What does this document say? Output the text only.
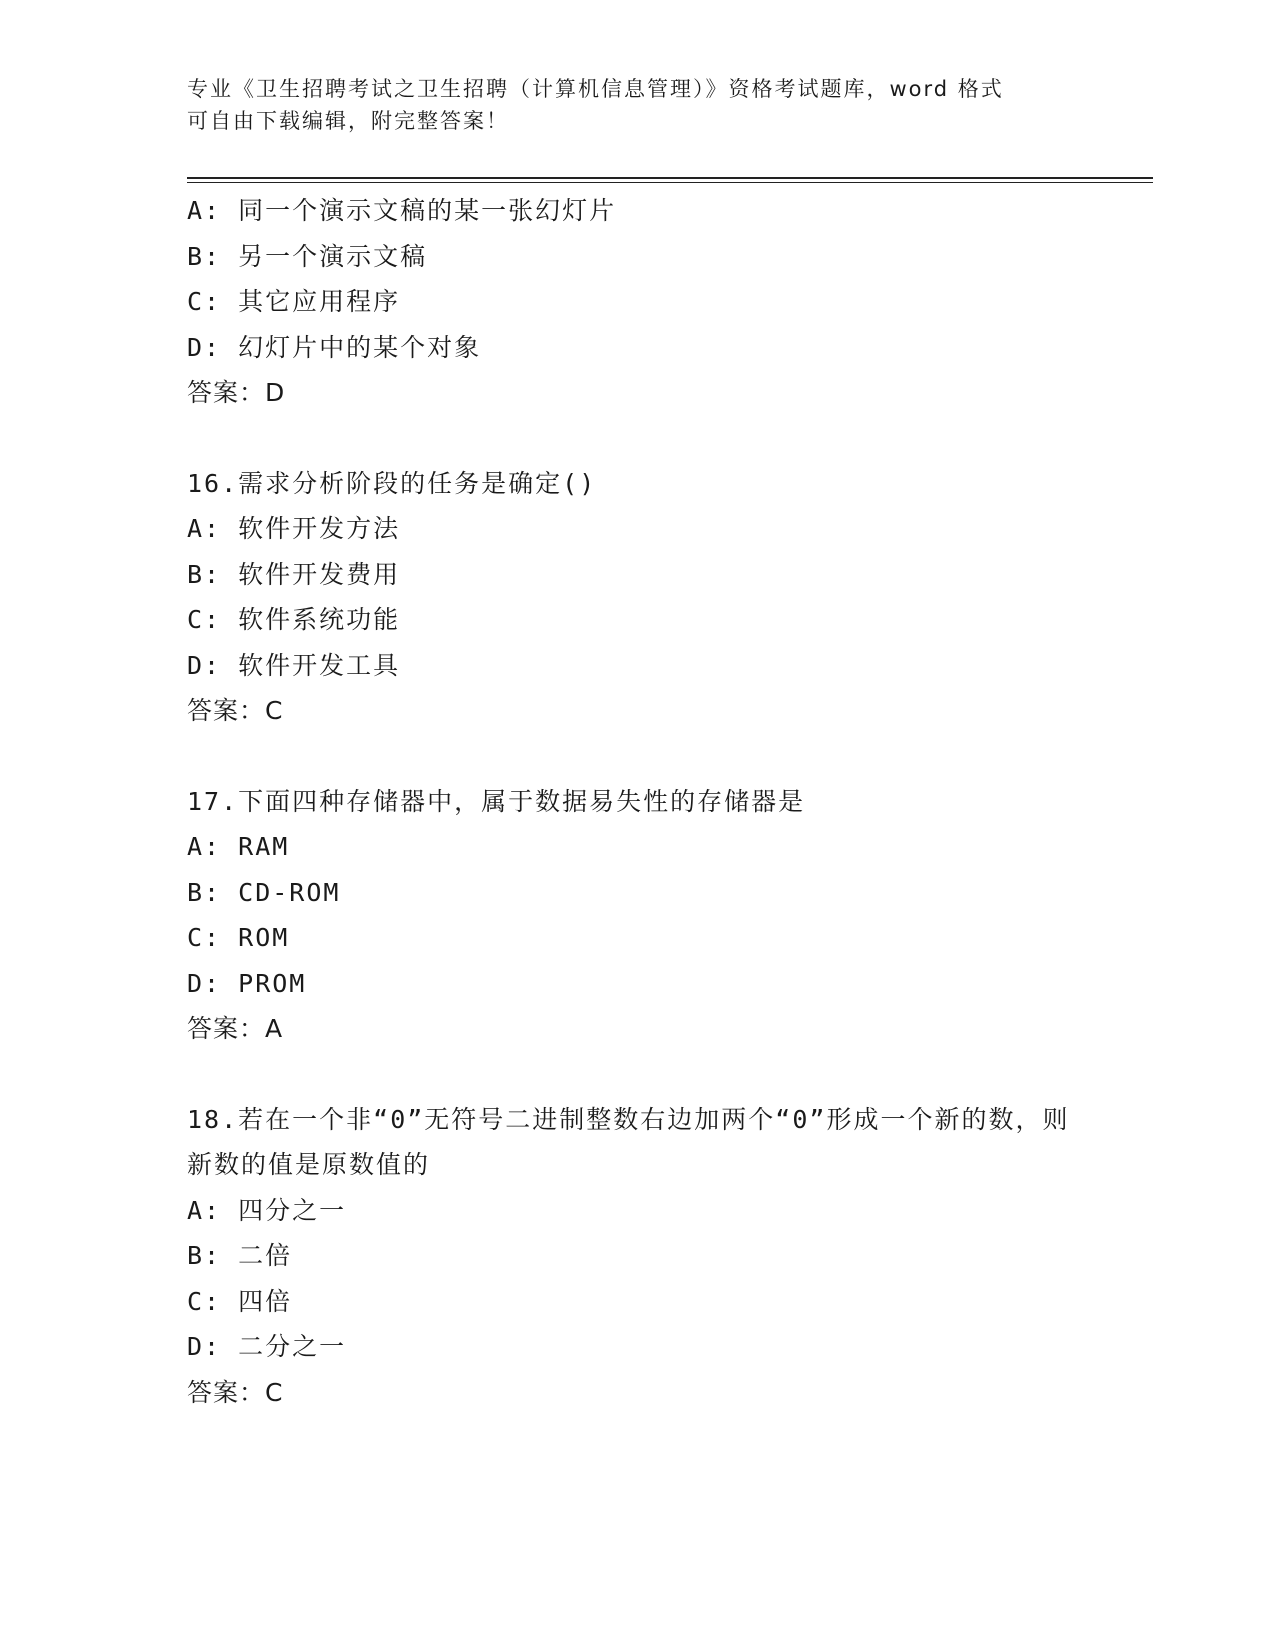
专业《卫生招聘考试之卫生招聘（计算机信息管理）》资格考试题库，word 格式
可自由下载编辑，附完整答案！
A: 同一个演示文稿的某一张幻灯片
B: 另一个演示文稿
C: 其它应用程序
D: 幻灯片中的某个对象
答案：D
16.需求分析阶段的任务是确定()
A: 软件开发方法
B: 软件开发费用
C: 软件系统功能
D: 软件开发工具
答案：C
17.下面四种存储器中，属于数据易失性的存储器是
A: RAM
B: CD-ROM
C: ROM
D: PROM
答案：A
18.若在一个非“0”无符号二进制整数右边加两个“0”形成一个新的数，则新数的值是原数值的
A: 四分之一
B: 二倍
C: 四倍
D: 二分之一
答案：C
